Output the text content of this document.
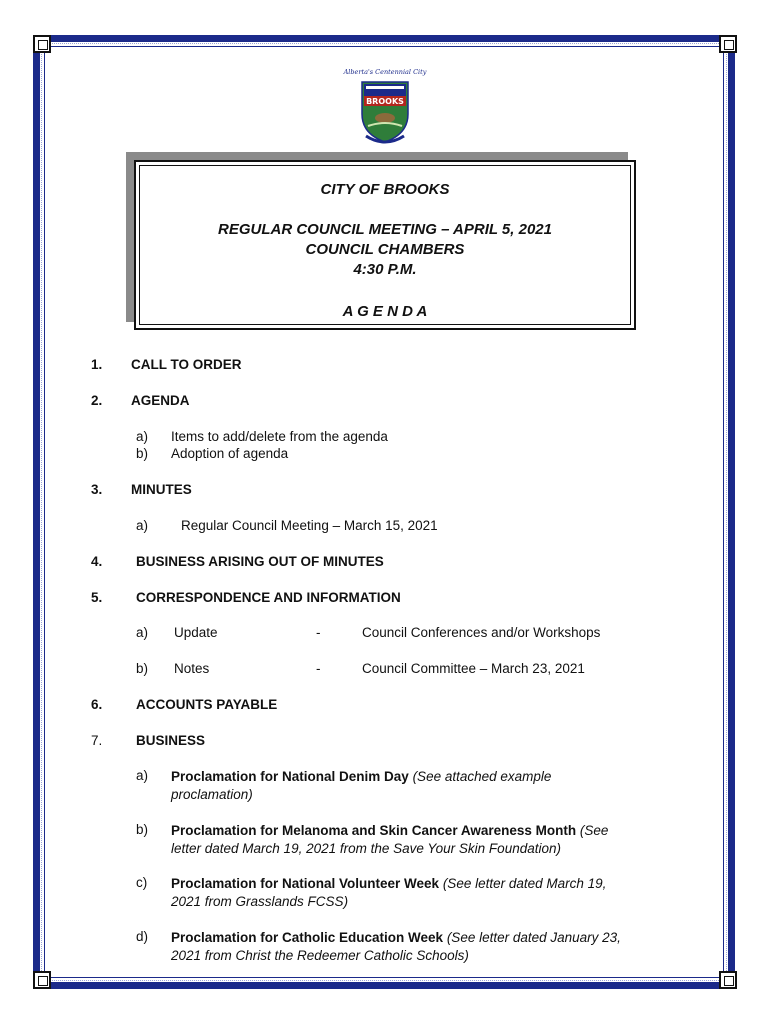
Alberta's Centennial City
BROOKS
CITY OF BROOKS
REGULAR COUNCIL MEETING – APRIL 5, 2021
COUNCIL CHAMBERS
4:30 P.M.
A G E N D A
1. CALL TO ORDER
2. AGENDA
a) Items to add/delete from the agenda
b) Adoption of agenda
3. MINUTES
a) Regular Council Meeting – March 15, 2021
4. BUSINESS ARISING OUT OF MINUTES
5. CORRESPONDENCE AND INFORMATION
a) Update	-	Council Conferences and/or Workshops
b) Notes	-	Council Committee – March 23, 2021
6. ACCOUNTS PAYABLE
7. BUSINESS
a) Proclamation for National Denim Day (See attached example
proclamation)
b) Proclamation for Melanoma and Skin Cancer Awareness Month (See
letter dated March 19, 2021 from the Save Your Skin Foundation)
c) Proclamation for National Volunteer Week (See letter dated March 19,
2021 from Grasslands FCSS)
d) Proclamation for Catholic Education Week (See letter dated January 23,
2021 from Christ the Redeemer Catholic Schools)
